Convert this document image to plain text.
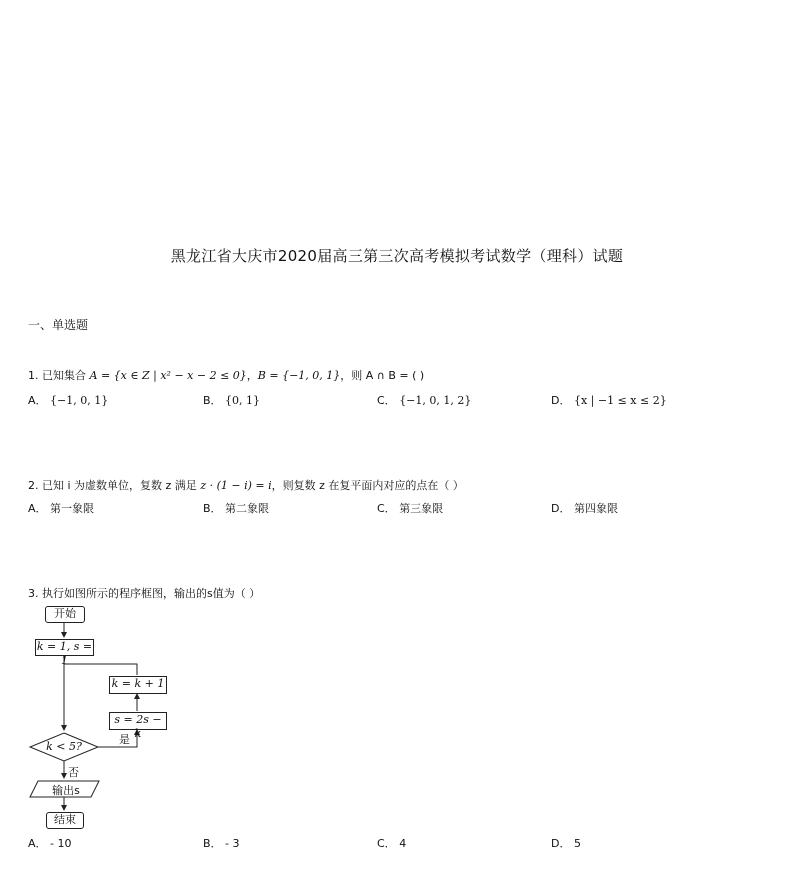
黑龙江省大庆市2020届高三第三次高考模拟考试数学（理科）试题
一、单选题
1. 已知集合 A = {x ∈ Z | x² − x − 2 ≤ 0}，B = {−1, 0, 1}，则 A ∩ B = ( )
A． {−1, 0, 1}	B． {0, 1}	C． {−1, 0, 1, 2}	D． {x | −1 ≤ x ≤ 2}
2. 已知 i 为虚数单位，复数 z 满足 z · (1 − i) = i，则复数 z 在复平面内对应的点在（ ）
A． 第一象限	B． 第二象限	C． 第三象限	D． 第四象限
3. 执行如图所示的程序框图，输出的s值为（ ）
开始
k = 1, s = 1
k = k + 1
s = 2s − k
k < 5?
是
否
输出s
结束
A． - 10	B． - 3	C． 4	D． 5
